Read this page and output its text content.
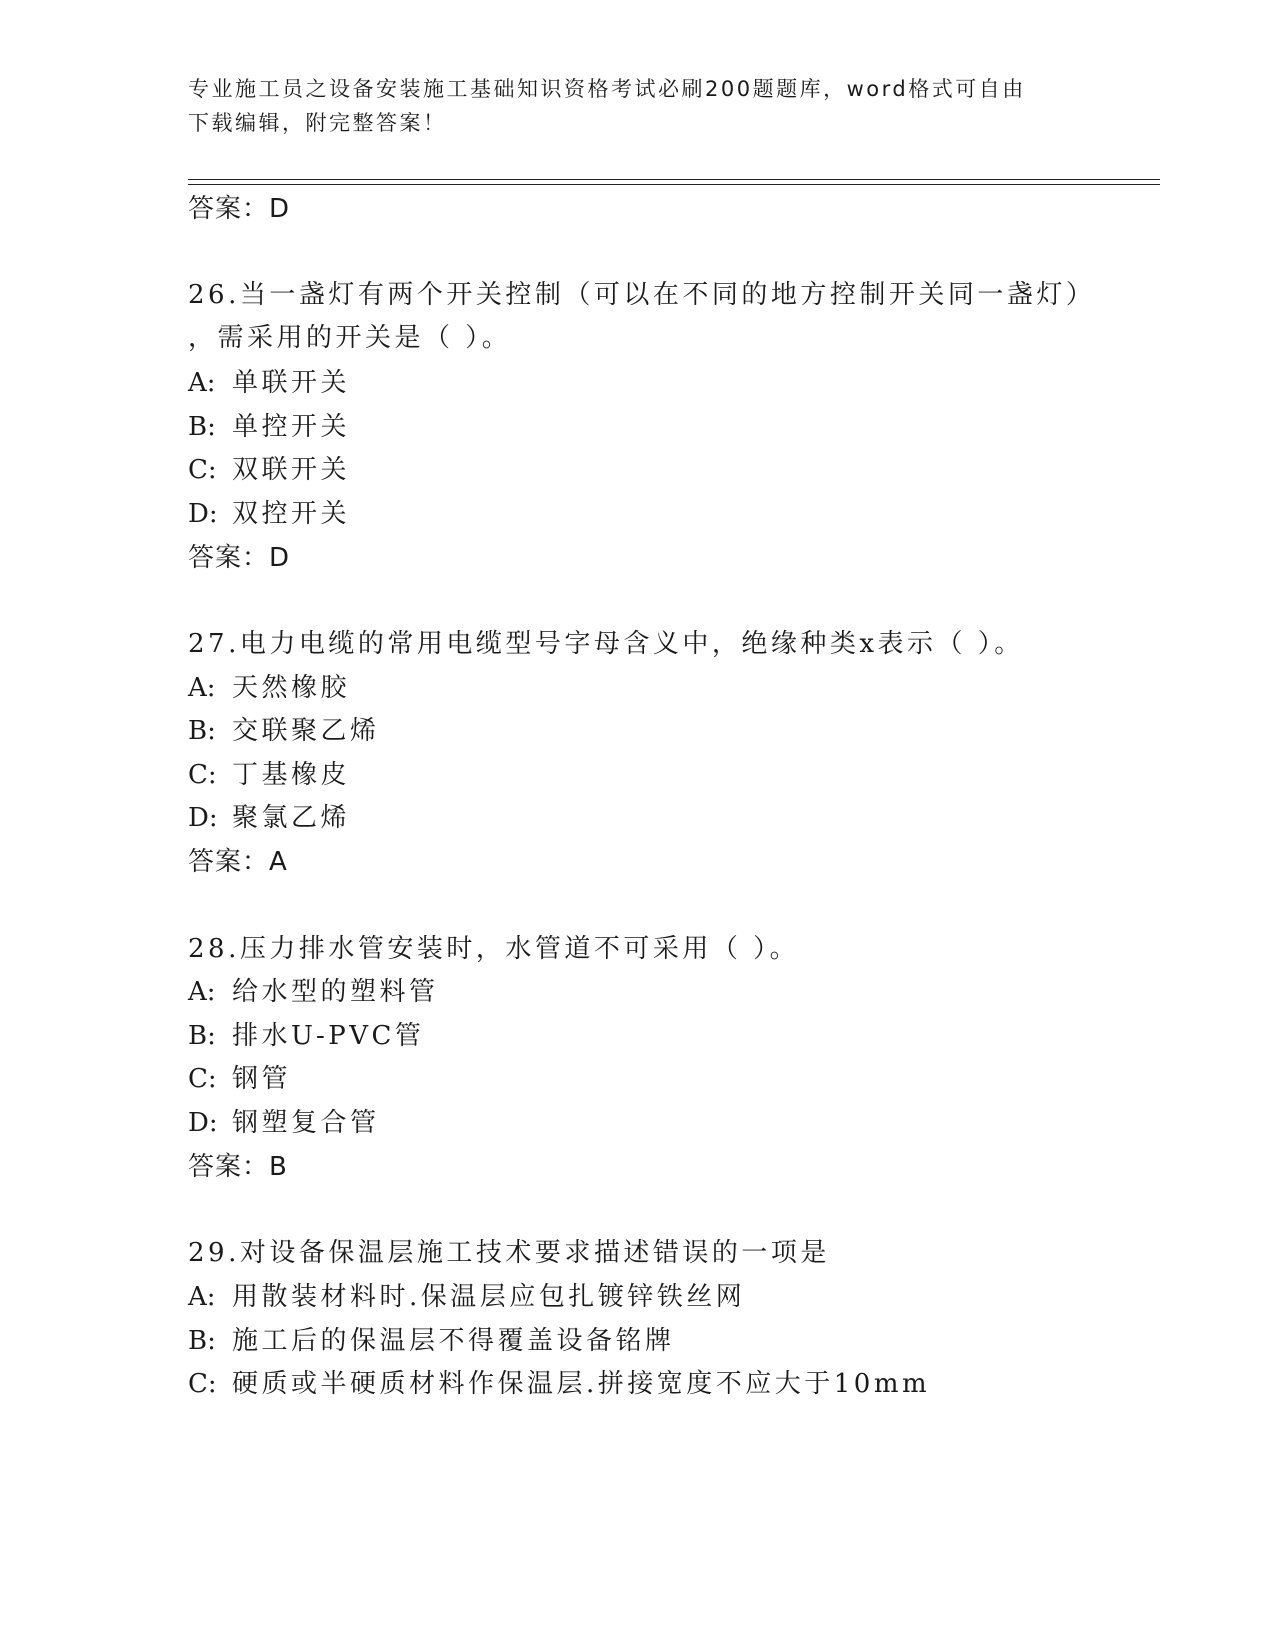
专业施工员之设备安装施工基础知识资格考试必刷200题题库，word格式可自由
下载编辑，附完整答案！
答案：D
26.当一盏灯有两个开关控制（可以在不同的地方控制开关同一盏灯）
，需采用的开关是（ ）。
A: 单联开关
B: 单控开关
C: 双联开关
D: 双控开关
答案：D
27.电力电缆的常用电缆型号字母含义中，绝缘种类x表示（ ）。
A: 天然橡胶
B: 交联聚乙烯
C: 丁基橡皮
D: 聚氯乙烯
答案：A
28.压力排水管安装时，水管道不可采用（ ）。
A: 给水型的塑料管
B: 排水U-PVC管
C: 钢管
D: 钢塑复合管
答案：B
29.对设备保温层施工技术要求描述错误的一项是
A: 用散装材料时.保温层应包扎镀锌铁丝网
B: 施工后的保温层不得覆盖设备铭牌
C: 硬质或半硬质材料作保温层.拼接宽度不应大于10mm
